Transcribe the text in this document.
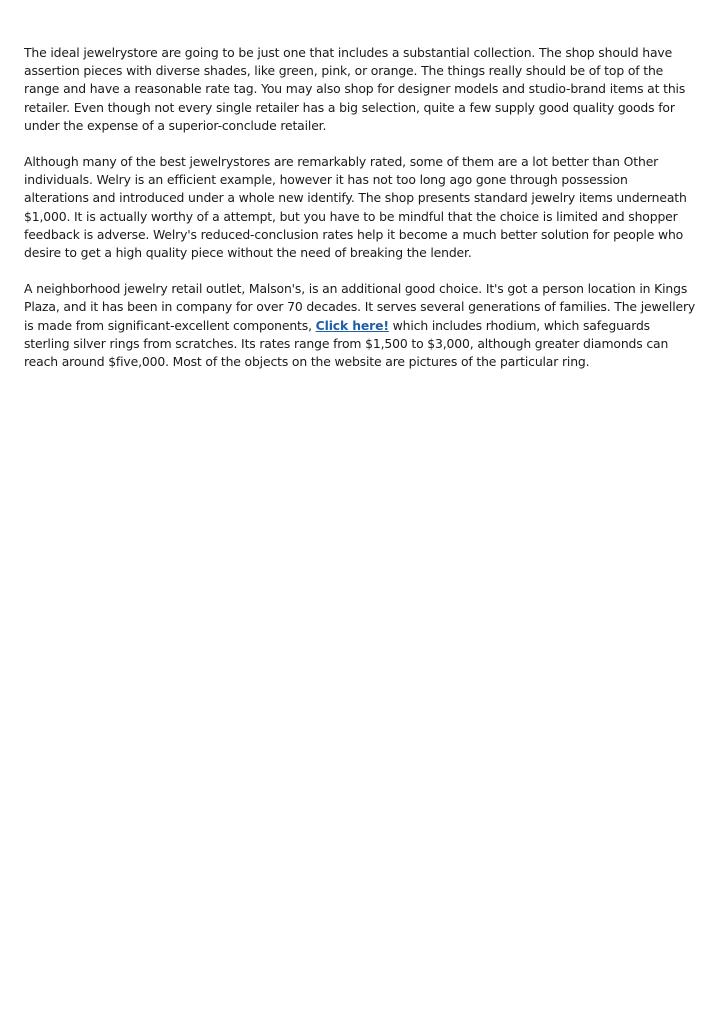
The ideal jewelrystore are going to be just one that includes a substantial collection. The shop should have assertion pieces with diverse shades, like green, pink, or orange. The things really should be of top of the range and have a reasonable rate tag. You may also shop for designer models and studio-brand items at this retailer. Even though not every single retailer has a big selection, quite a few supply good quality goods for under the expense of a superior-conclude retailer.

Although many of the best jewelrystores are remarkably rated, some of them are a lot better than Other individuals. Welry is an efficient example, however it has not too long ago gone through possession alterations and introduced under a whole new identify. The shop presents standard jewelry items underneath $1,000. It is actually worthy of a attempt, but you have to be mindful that the choice is limited and shopper feedback is adverse. Welry's reduced-conclusion rates help it become a much better solution for people who desire to get a high quality piece without the need of breaking the lender.

A neighborhood jewelry retail outlet, Malson's, is an additional good choice. It's got a person location in Kings Plaza, and it has been in company for over 70 decades. It serves several generations of families. The jewellery is made from significant-excellent components, Click here! which includes rhodium, which safeguards sterling silver rings from scratches. Its rates range from $1,500 to $3,000, although greater diamonds can reach around $five,000. Most of the objects on the website are pictures of the particular ring.
